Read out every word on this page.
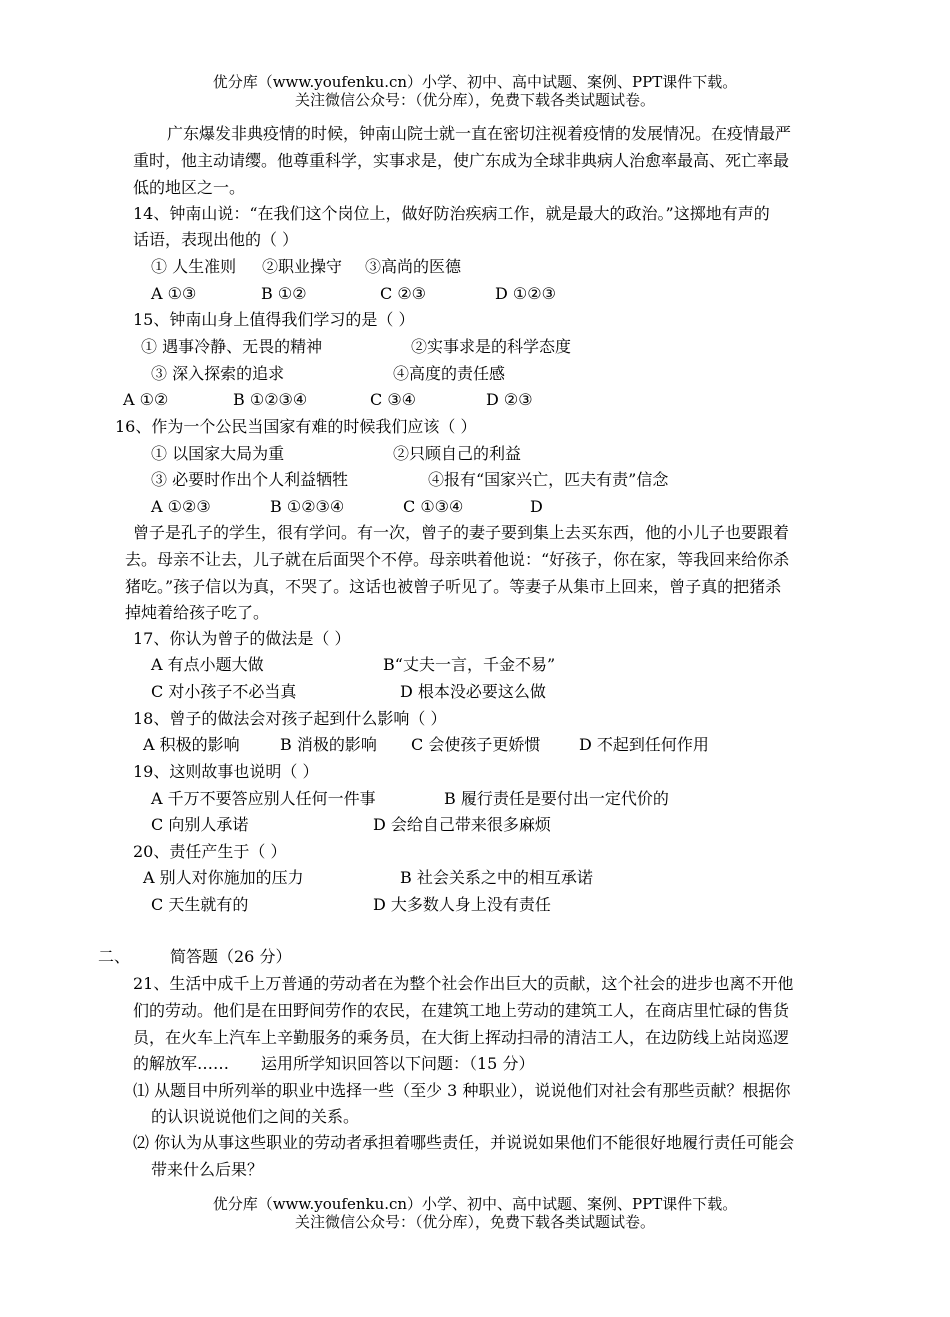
优分库（www.youfenku.cn）小学、初中、高中试题、案例、PPT课件下载。
关注微信公众号：（优分库），免费下载各类试题试卷。
广东爆发非典疫情的时候，钟南山院士就一直在密切注视着疫情的发展情况。在疫情最严
重时，他主动请缨。他尊重科学，实事求是，使广东成为全球非典病人治愈率最高、死亡率最
低的地区之一。
14、钟南山说：“在我们这个岗位上，做好防治疾病工作，就是最大的政治。”这掷地有声的
话语，表现出他的（ ）
① 人生准则 ②职业操守 ③高尚的医德
A ①③	B ①②	C ②③	D ①②③
15、钟南山身上值得我们学习的是（ ）
① 遇事冷静、无畏的精神	②实事求是的科学态度
③ 深入探索的追求	④高度的责任感
A ①②	B ①②③④	C ③④	D ②③
16、作为一个公民当国家有难的时候我们应该（ ）
① 以国家大局为重	②只顾自己的利益
③ 必要时作出个人利益牺牲	④报有“国家兴亡，匹夫有责”信念
A ①②③	B ①②③④	C ①③④	D
曾子是孔子的学生，很有学问。有一次，曾子的妻子要到集上去买东西，他的小儿子也要跟着
去。母亲不让去，儿子就在后面哭个不停。母亲哄着他说：“好孩子，你在家，等我回来给你杀
猪吃。”孩子信以为真，不哭了。这话也被曾子听见了。等妻子从集市上回来，曾子真的把猪杀
掉炖着给孩子吃了。
17、你认为曾子的做法是（ ）
A 有点小题大做	B“丈夫一言，千金不易”
C 对小孩子不必当真	D 根本没必要这么做
18、曾子的做法会对孩子起到什么影响（ ）
A 积极的影响	B 消极的影响 C 会使孩子更娇惯 D 不起到任何作用
19、这则故事也说明（ ）
A 千万不要答应别人任何一件事	B 履行责任是要付出一定代价的
C 向别人承诺	D 会给自己带来很多麻烦
20、责任产生于（ ）
A 别人对你施加的压力	B 社会关系之中的相互承诺
C 天生就有的	D 大多数人身上没有责任
二、 简答题（26 分）
21、生活中成千上万普通的劳动者在为整个社会作出巨大的贡献，这个社会的进步也离不开他
们的劳动。他们是在田野间劳作的农民，在建筑工地上劳动的建筑工人，在商店里忙碌的售货
员，在火车上汽车上辛勤服务的乘务员，在大街上挥动扫帚的清洁工人，在边防线上站岗巡逻
的解放军……　　运用所学知识回答以下问题：（15 分）
⑴ 从题目中所列举的职业中选择一些（至少 3 种职业），说说他们对社会有那些贡献？根据你
的认识说说他们之间的关系。
⑵ 你认为从事这些职业的劳动者承担着哪些责任，并说说如果他们不能很好地履行责任可能会
带来什么后果？
优分库（www.youfenku.cn）小学、初中、高中试题、案例、PPT课件下载。
关注微信公众号：（优分库），免费下载各类试题试卷。
